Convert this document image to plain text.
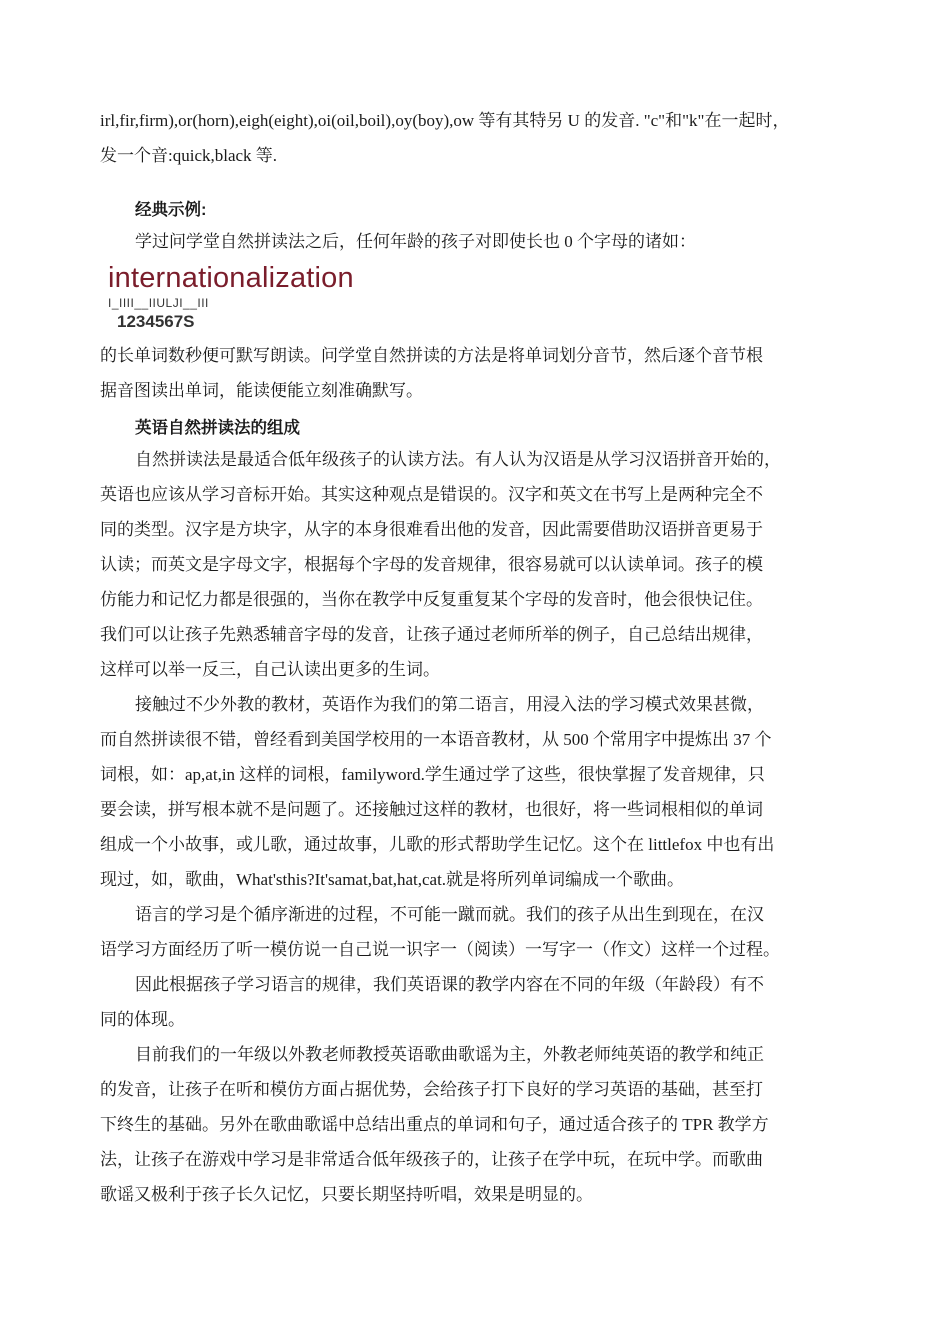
irl,fir,firm),or(horn),eigh(eight),oi(oil,boil),oy(boy),ow 等有其特另 U 的发音. "c"和"k"在一起时，
发一个音:quick,black 等.

经典示例:

学过问学堂自然拼读法之后，任何年龄的孩子对即使长也 0 个字母的诸如：

internationalization

I_IIII__IIULJI__III

1234567S

的长单词数秒便可默写朗读。问学堂自然拼读的方法是将单词划分音节，然后逐个音节根
据音图读出单词，能读便能立刻准确默写。

英语自然拼读法的组成

自然拼读法是最适合低年级孩子的认读方法。有人认为汉语是从学习汉语拼音开始的，
英语也应该从学习音标开始。其实这种观点是错误的。汉字和英文在书写上是两种完全不
同的类型。汉字是方块字，从字的本身很难看出他的发音，因此需要借助汉语拼音更易于
认读；而英文是字母文字，根据每个字母的发音规律，很容易就可以认读单词。孩子的模
仿能力和记忆力都是很强的，当你在教学中反复重复某个字母的发音时，他会很快记住。
我们可以让孩子先熟悉辅音字母的发音，让孩子通过老师所举的例子，自己总结出规律，
这样可以举一反三，自己认读出更多的生词。

接触过不少外教的教材，英语作为我们的第二语言，用浸入法的学习模式效果甚微，
而自然拼读很不错，曾经看到美国学校用的一本语音教材，从 500 个常用字中提炼出 37 个
词根，如：ap,at,in 这样的词根，familyword.学生通过学了这些，很快掌握了发音规律，只
要会读，拼写根本就不是问题了。还接触过这样的教材，也很好，将一些词根相似的单词
组成一个小故事，或儿歌，通过故事，儿歌的形式帮助学生记忆。这个在 littlefox 中也有出
现过，如，歌曲，What'sthis?It'samat,bat,hat,cat.就是将所列单词编成一个歌曲。

语言的学习是个循序渐进的过程，不可能一蹴而就。我们的孩子从出生到现在，在汉
语学习方面经历了听一模仿说一自己说一识字一（阅读）一写字一（作文）这样一个过程。

因此根据孩子学习语言的规律，我们英语课的教学内容在不同的年级（年龄段）有不
同的体现。

目前我们的一年级以外教老师教授英语歌曲歌谣为主，外教老师纯英语的教学和纯正
的发音，让孩子在听和模仿方面占据优势，会给孩子打下良好的学习英语的基础，甚至打
下终生的基础。另外在歌曲歌谣中总结出重点的单词和句子，通过适合孩子的 TPR 教学方
法，让孩子在游戏中学习是非常适合低年级孩子的，让孩子在学中玩，在玩中学。而歌曲
歌谣又极利于孩子长久记忆，只要长期坚持听唱，效果是明显的。
